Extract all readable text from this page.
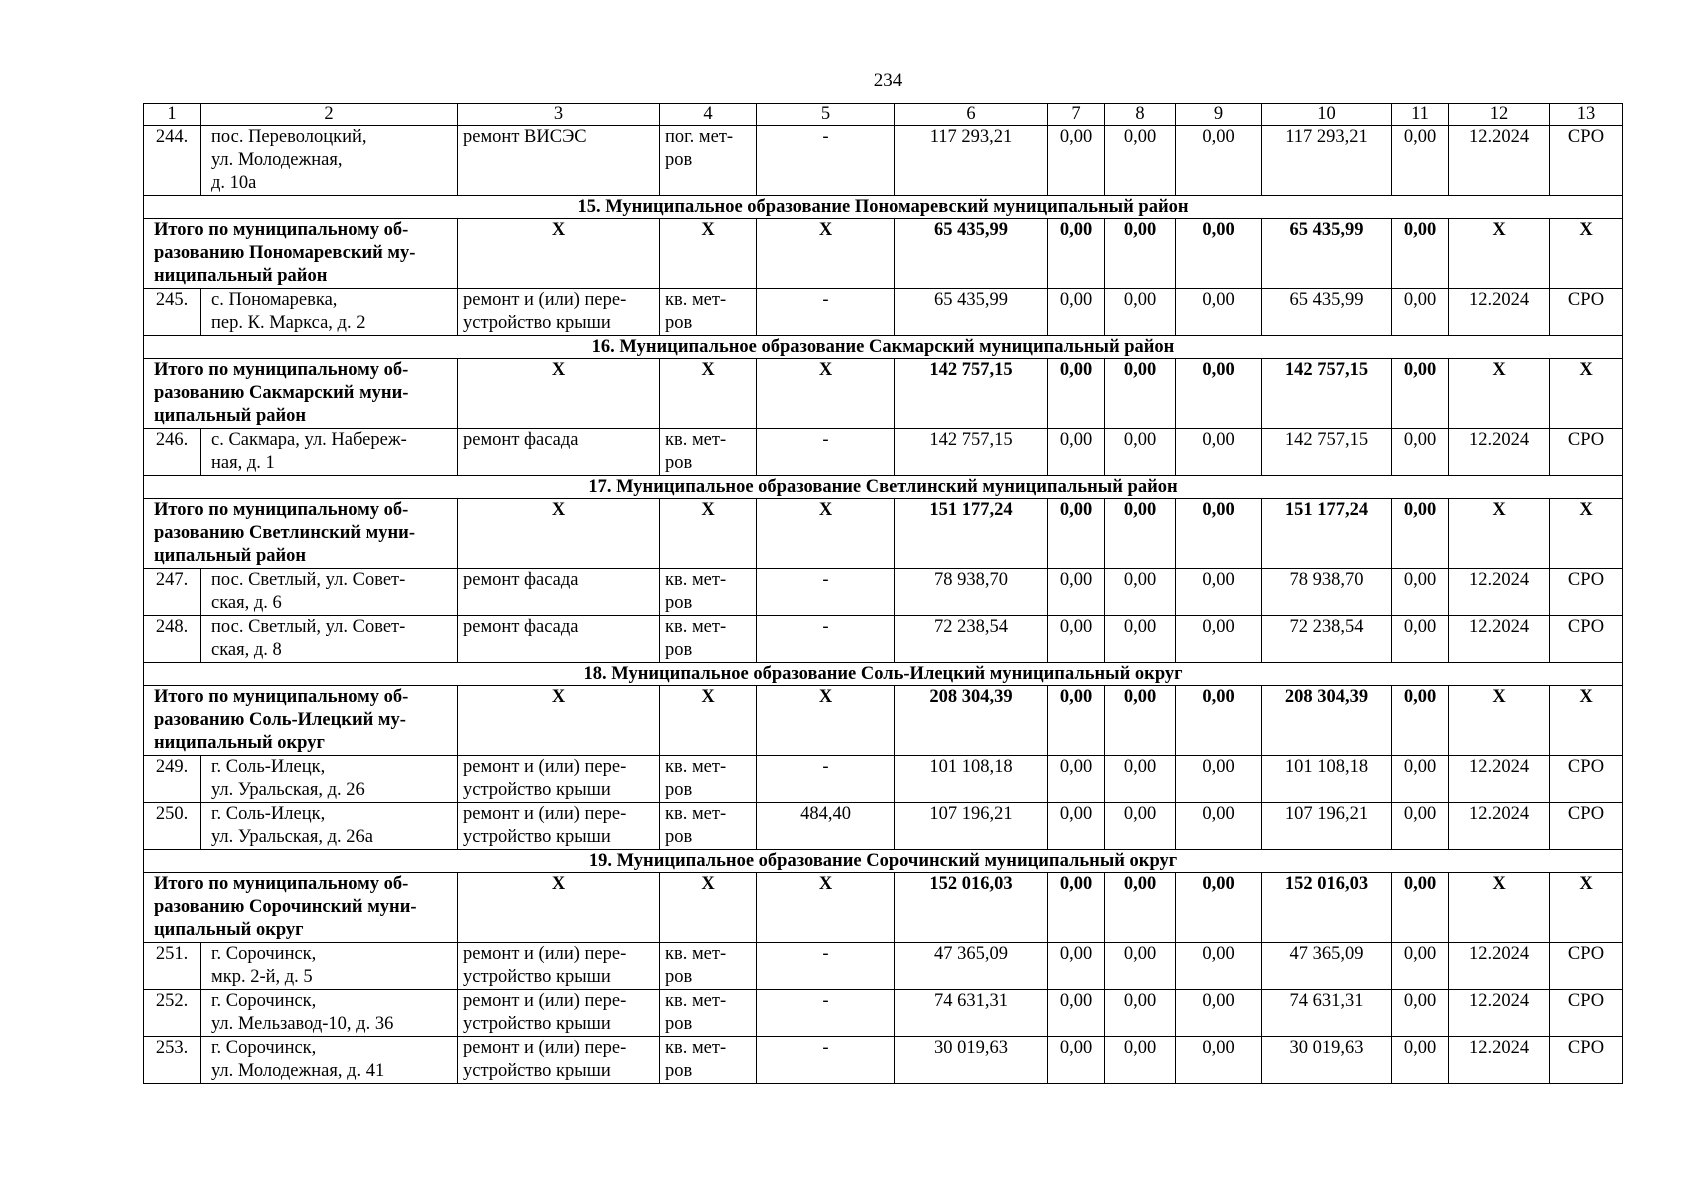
234
1	2	3	4	5	6	7	8	9	10	11	12	13
244.	пос. Переволоцкий,
ул. Молодежная,
д. 10а	ремонт ВИСЭС	пог. мет-
ров	-	117 293,21	0,00	0,00	0,00	117 293,21	0,00	12.2024	СРО
15. Муниципальное образование Пономаревский муниципальный район												

Итого по муниципальному об-
разованию Пономаревский му-
ниципальный район		X	X	X	65 435,99	0,00	0,00	0,00	65 435,99	0,00	X	X
245.	с. Пономаревка,
пер. К. Маркса, д. 2	ремонт и (или) пере-
устройство крыши	кв. мет-
ров	-	65 435,99	0,00	0,00	0,00	65 435,99	0,00	12.2024	СРО
16. Муниципальное образование Сакмарский муниципальный район												

Итого по муниципальному об-
разованию Сакмарский муни-
ципальный район		X	X	X	142 757,15	0,00	0,00	0,00	142 757,15	0,00	X	X
246.	с. Сакмара, ул. Набереж-
ная, д. 1	ремонт фасада	кв. мет-
ров	-	142 757,15	0,00	0,00	0,00	142 757,15	0,00	12.2024	СРО
17. Муниципальное образование Светлинский муниципальный район												

Итого по муниципальному об-
разованию Светлинский муни-
ципальный район		X	X	X	151 177,24	0,00	0,00	0,00	151 177,24	0,00	X	X
247.	пос. Светлый, ул. Совет-
ская, д. 6	ремонт фасада	кв. мет-
ров	-	78 938,70	0,00	0,00	0,00	78 938,70	0,00	12.2024	СРО
248.	пос. Светлый, ул. Совет-
ская, д. 8	ремонт фасада	кв. мет-
ров	-	72 238,54	0,00	0,00	0,00	72 238,54	0,00	12.2024	СРО
18. Муниципальное образование Соль-Илецкий муниципальный округ												

Итого по муниципальному об-
разованию Соль-Илецкий му-
ниципальный округ		X	X	X	208 304,39	0,00	0,00	0,00	208 304,39	0,00	X	X
249.	г. Соль-Илецк,
ул. Уральская, д. 26	ремонт и (или) пере-
устройство крыши	кв. мет-
ров	-	101 108,18	0,00	0,00	0,00	101 108,18	0,00	12.2024	СРО
250.	г. Соль-Илецк,
ул. Уральская, д. 26а	ремонт и (или) пере-
устройство крыши	кв. мет-
ров	484,40	107 196,21	0,00	0,00	0,00	107 196,21	0,00	12.2024	СРО
19. Муниципальное образование Сорочинский муниципальный округ												

Итого по муниципальному об-
разованию Сорочинский муни-
ципальный округ		X	X	X	152 016,03	0,00	0,00	0,00	152 016,03	0,00	X	X
251.	г. Сорочинск,
мкр. 2-й, д. 5	ремонт и (или) пере-
устройство крыши	кв. мет-
ров	-	47 365,09	0,00	0,00	0,00	47 365,09	0,00	12.2024	СРО
252.	г. Сорочинск,
ул. Мельзавод-10, д. 36	ремонт и (или) пере-
устройство крыши	кв. мет-
ров	-	74 631,31	0,00	0,00	0,00	74 631,31	0,00	12.2024	СРО
253.	г. Сорочинск,
ул. Молодежная, д. 41	ремонт и (или) пере-
устройство крыши	кв. мет-
ров	-	30 019,63	0,00	0,00	0,00	30 019,63	0,00	12.2024	СРО
